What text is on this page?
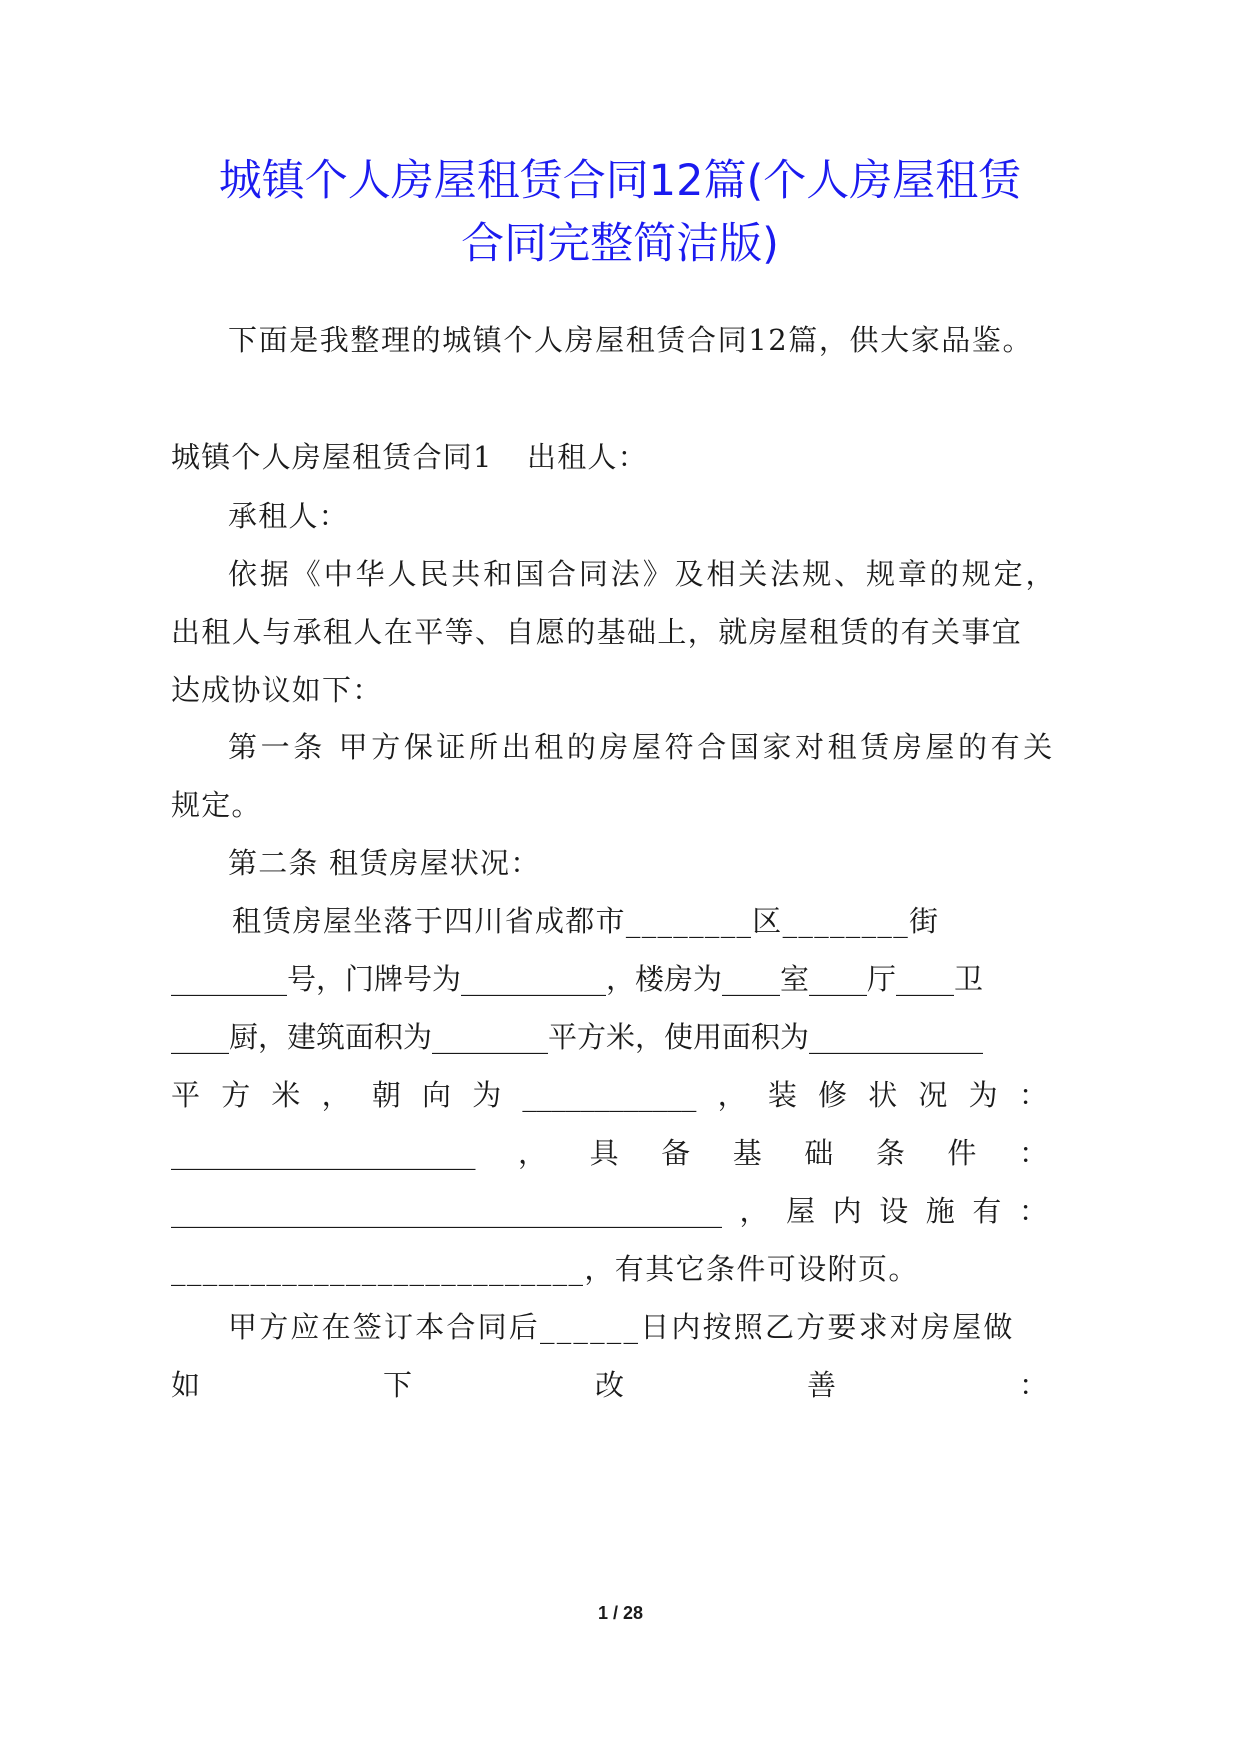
城镇个人房屋租赁合同12篇(个人房屋租赁
合同完整简洁版)
下面是我整理的城镇个人房屋租赁合同12篇，供大家品鉴。
城镇个人房屋租赁合同1 出租人：
承租人：
依据《中华人民共和国合同法》及相关法规、规章的规定，
出租人与承租人在平等、自愿的基础上，就房屋租赁的有关事宜
达成协议如下：
第一条 甲方保证所出租的房屋符合国家对租赁房屋的有关
规定。
第二条 租赁房屋状况：
租赁房屋坐落于四川省成都市________区________街
________号，门牌号为__________，楼房为____室____厅____卫
____厨，建筑面积为________平方米，使用面积为____________
平 方 米 ， 朝 向 为 ____________ ， 装 修 状 况 为 ：
_____________________ ， 具 备 基 础 条 件 ：
______________________________________ ， 屋 内 设 施 有 ：
__________________________，有其它条件可设附页。
甲方应在签订本合同后______日内按照乙方要求对房屋做
如	下	改	善	：
1 / 28
